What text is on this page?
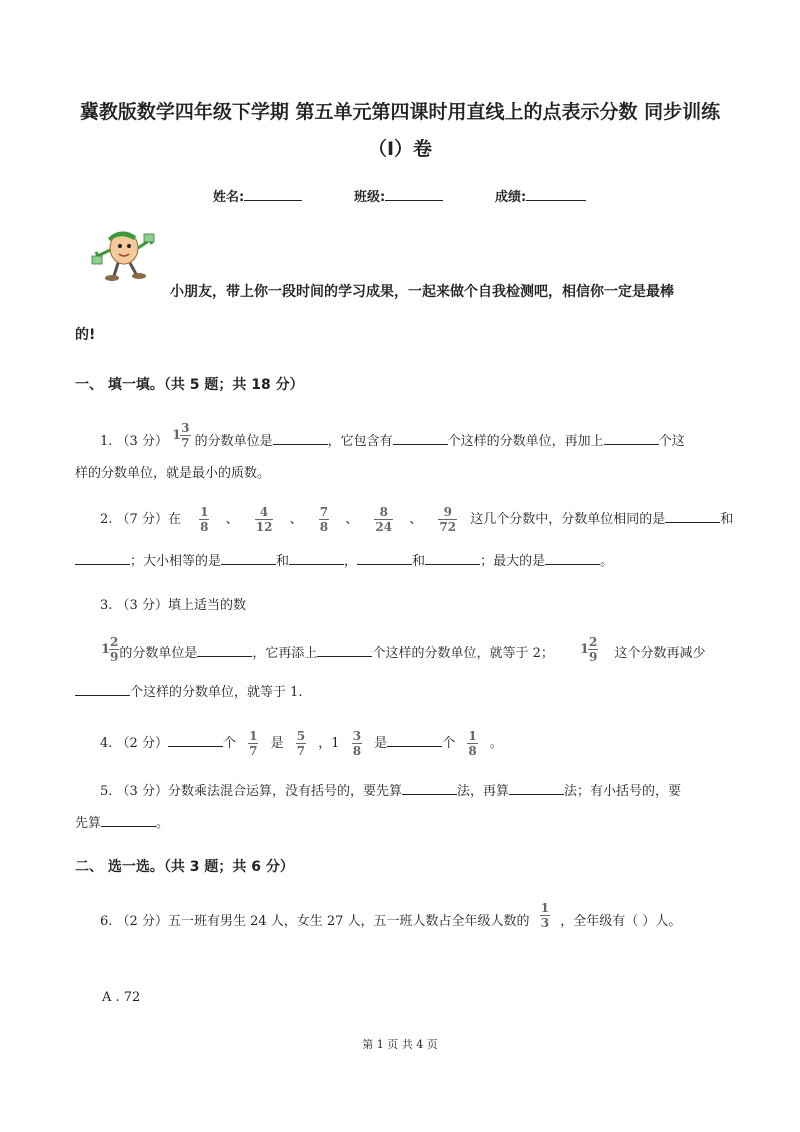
冀教版数学四年级下学期 第五单元第四课时用直线上的点表示分数 同步训练
（I）卷
姓名:	班级:	成绩:
小朋友，带上你一段时间的学习成果，一起来做个自我检测吧，相信你一定是最棒
的!
一、 填一填。（共 5 题；共 18 分）
1. （3 分） $1 \frac{3}{7}$ 的分数单位是	，它包含有	个这样的分数单位，再加上	个这
样的分数单位，就是最小的质数。
2. （7 分）在 $\frac{1}{8}$ 、 $\frac{4}{12}$ 、 $\frac{7}{8}$ 、 $\frac{8}{24}$ 、 $\frac{9}{72}$ 这几个分数中，分数单位相同的是	和
；大小相等的是	和	，	和	；最大的是	。
3. （3 分）填上适当的数
$1 \frac{2}{9}$ 的分数单位是	，它再添上	个这样的分数单位，就等于 2； $1 \frac{2}{9}$ 这个分数再减少
个这样的分数单位，就等于 1.
4. （2 分）	个 $\frac{1}{7}$ 是 $\frac{5}{7}$ ，$1 \frac{3}{8}$ 是	个 $\frac{1}{8}$ 。
5. （3 分）分数乘法混合运算，没有括号的，要先算	法，再算	法；有小括号的，要
先算	。
二、 选一选。（共 3 题；共 6 分）
6. （2 分）五一班有男生 24 人，女生 27 人，五一班人数占全年级人数的 $\frac{1}{3}$ ，全年级有（ ）人。
A . 72
第 1 页 共 4 页
